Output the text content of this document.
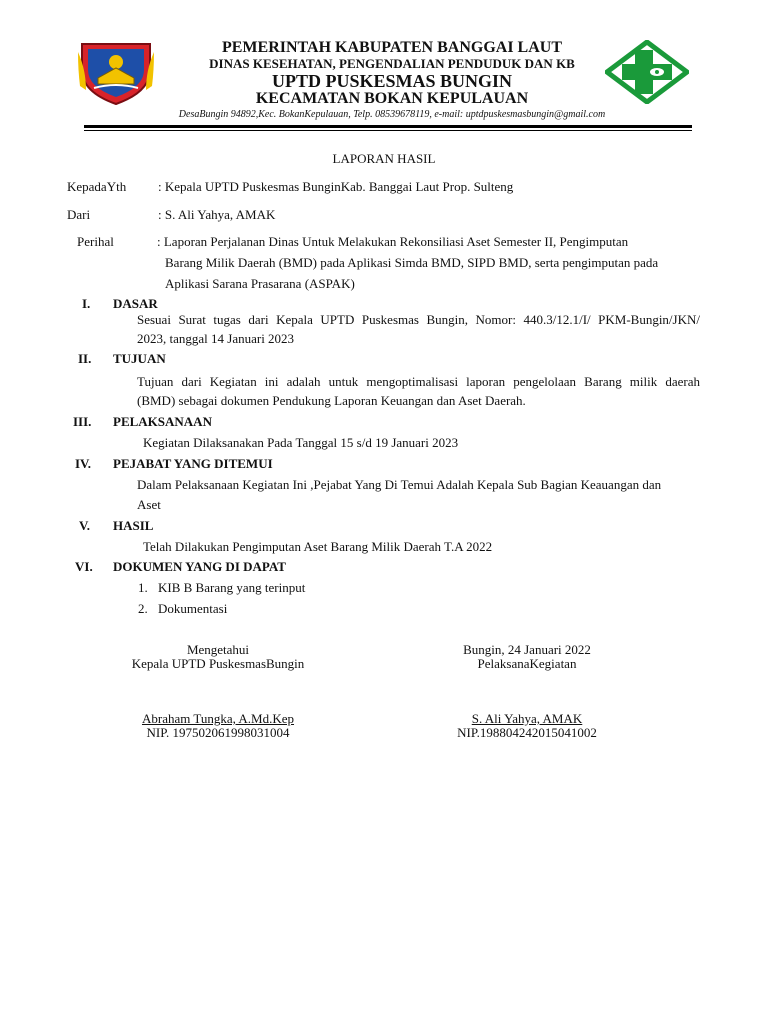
PEMERINTAH KABUPATEN BANGGAI LAUT
DINAS KESEHATAN, PENGENDALIAN PENDUDUK DAN KB
UPTD PUSKESMAS BUNGIN
KECAMATAN BOKAN KEPULAUAN
DesaBungin 94892,Kec. BokanKepulauan, Telp. 08539678119, e-mail: uptdpuskesmasbungin@gmail.com
LAPORAN HASIL
KepadaYth : Kepala UPTD Puskesmas BunginKab. Banggai Laut Prop. Sulteng
Dari	: S. Ali Yahya, AMAK
Perihal	: Laporan Perjalanan Dinas Untuk Melakukan Rekonsiliasi Aset Semester II, Pengimputan
Barang Milik Daerah (BMD) pada Aplikasi Simda BMD, SIPD BMD, serta pengimputan pada
Aplikasi Sarana Prasarana (ASPAK)
I. DASAR
Sesuai Surat tugas dari Kepala UPTD Puskesmas Bungin, Nomor: 440.3/12.1/I/ PKM-Bungin/JKN/
2023, tanggal 14 Januari 2023
II. TUJUAN
Tujuan dari Kegiatan ini adalah untuk mengoptimalisasi laporan pengelolaan Barang milik daerah
(BMD) sebagai dokumen Pendukung Laporan Keuangan dan Aset Daerah.
III. PELAKSANAAN
Kegiatan Dilaksanakan Pada Tanggal 15 s/d 19 Januari 2023
IV. PEJABAT YANG DITEMUI
Dalam Pelaksanaan Kegiatan Ini ,Pejabat Yang Di Temui Adalah Kepala Sub Bagian Keauangan dan
Aset
V. HASIL
Telah Dilakukan Pengimputan Aset Barang Milik Daerah T.A 2022
VI. DOKUMEN YANG DI DAPAT
1. KIB B Barang yang terinput
2. Dokumentasi
Mengetahui
Kepala UPTD PuskesmasBungin
Abraham Tungka, A.Md.Kep
NIP. 197502061998031004
Bungin, 24 Januari 2022
PelaksanaKegiatan
S. Ali Yahya, AMAK
NIP.198804242015041002
